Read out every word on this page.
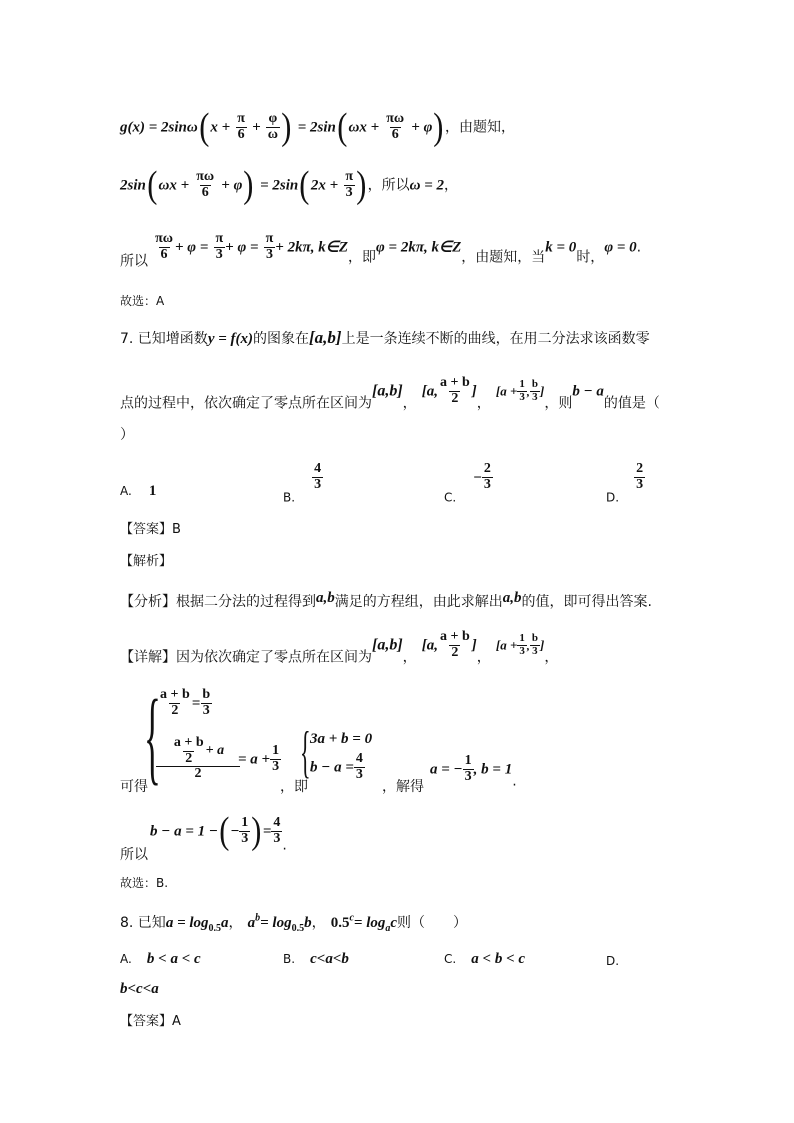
$g(x) = 2\sin\omega(x + \frac{\pi}{6} + \frac{\varphi}{\omega}$ ) = $2\sin(\omega x + \frac{\pi\omega}{6} + \varphi)$，由题知，
$2\sin(\omega x + \frac{\pi\omega}{6} + \varphi) = 2\sin(2x + \frac{\pi}{3}$ )，所以ω = 2，
所以 $\frac{\pi\omega}{6} + \varphi = \frac{\pi}{3} + \varphi = \frac{\pi}{3} + 2k\pi$, k∈Z，即φ = 2kπ, k∈Z，由题知，当k = 0时，φ = 0.
故选：A
7. 已知增函数y = f(x)的图象在[a,b]上是一条连续不断的曲线，在用二分法求该函数零
点的过程中，依次确定了零点所在区间为[a,b]， [a, $\frac{a + b}{2}$ ]， [$a + \frac{1}{3}$ , $\frac{b}{3}$ ]，则b − a的值是（
）
A. 1	$_{B.}$
$\frac{4}{3}$
$_{C.} - \frac{2}{3}$
$_{D.}$
$\frac{2}{3}$
【答案】B
【解析】
【分析】根据二分法的过程得到a,b满足的方程组，由此求解出a,b的值，即可得出答案.
【详解】因为依次确定了零点所在区间为[a,b]， [a, $\frac{a + b}{2}$ ]， [$a + \frac{1}{3}$ , $\frac{b}{3}$ ]，
可得
{
$\frac{a + b}{2} = \frac{b}{3}$
$\frac{\frac{a + b}{2} + a}{2} = a + \frac{1}{3}$
，即
{ 3a + b = 0
$b - a = \frac{4}{3}$
，解得
a = − $\frac{1}{3}$ , b = 1.
所以
b − a = 1 −(− $\frac{1}{3}$ )= $\frac{4}{3}$ .
故选：B.
8. 已知$a = \log_{0.5}a$， $a^b= \log_{0.5}b$， $0.5^c= \log_ac$则（　　）
A. b < a < c	B. c<a<b	C. a < b < c	D.
b<c<a
【答案】A
